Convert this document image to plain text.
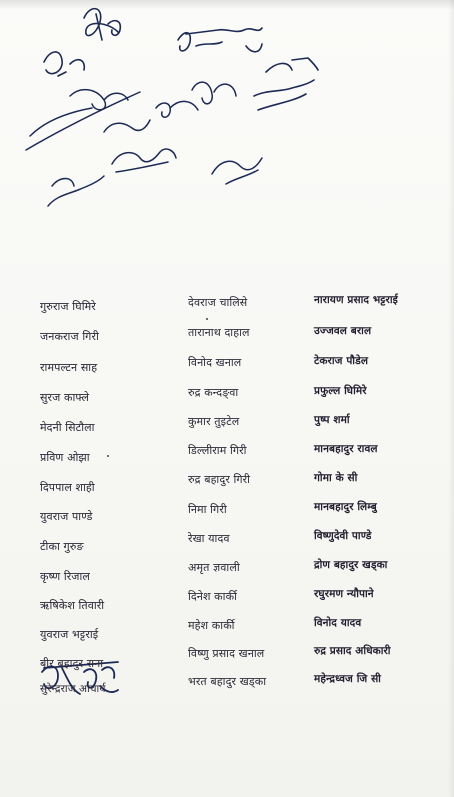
गुरुराज घिमिरे
जनकराज गिरी
रामपल्टन साह
सुरज काफ्ले
मेदनी सिटौला
प्रविण ओझा
दिपपाल शाही
युवराज पाण्डे
टीका गुरुङ
कृष्ण रिजाल
ऋषिकेश तिवारी
युवराज भट्टराई
बीर बहादुर राना
सुरेन्द्रराज आचार्य
देवराज चालिसे
तारानाथ दाहाल
विनोद खनाल
रुद्र कन्दङ्वा
कुमार तुइटेल
डिल्लीराम गिरी
रुद्र बहादुर गिरी
निमा गिरी
रेखा यादव
अमृत ज्ञवाली
दिनेश कार्की
महेश कार्की
विष्णु प्रसाद खनाल
भरत बहादुर खड्का
नारायण प्रसाद भट्टराई
उज्जवल बराल
टेकराज पौडेल
प्रफुल्ल घिमिरे
पुष्प शर्मा
मानबहादुर रावल
गोमा के सी
मानबहादुर लिम्बु
विष्णुदेवी पाण्डे
द्रोण बहादुर खड्का
रघुरमण न्यौपाने
विनोद यादव
रुद्र प्रसाद अधिकारी
महेन्द्रध्वज जि सी
